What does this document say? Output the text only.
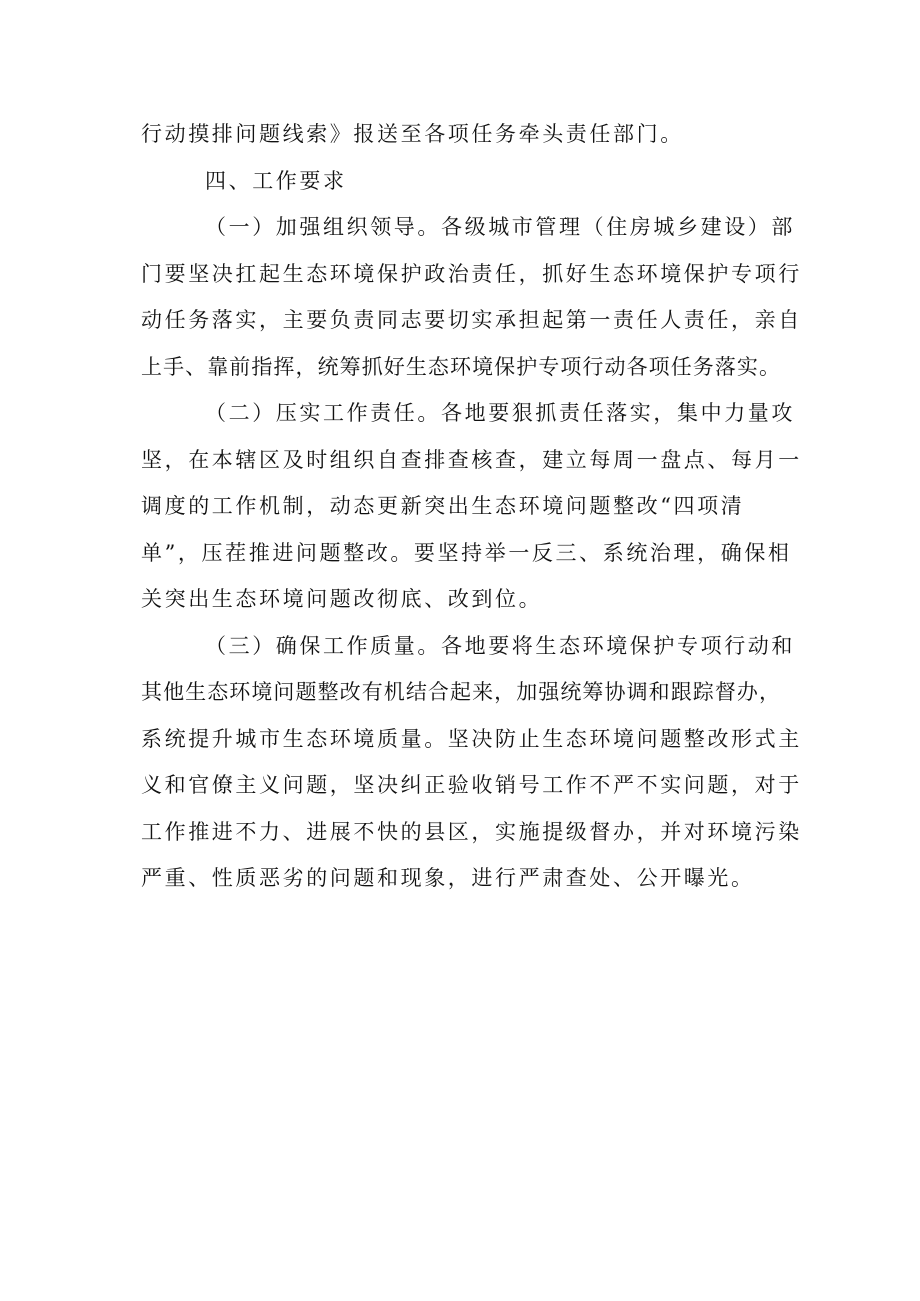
行动摸排问题线索》报送至各项任务牵头责任部门。
四、工作要求
（一）加强组织领导。各级城市管理（住房城乡建设）部
门要坚决扛起生态环境保护政治责任，抓好生态环境保护专项行
动任务落实，主要负责同志要切实承担起第一责任人责任，亲自
上手、靠前指挥，统筹抓好生态环境保护专项行动各项任务落实。
（二）压实工作责任。各地要狠抓责任落实，集中力量攻
坚，在本辖区及时组织自查排查核查，建立每周一盘点、每月一
调度的工作机制，动态更新突出生态环境问题整改“四项清
单”，压茬推进问题整改。要坚持举一反三、系统治理，确保相
关突出生态环境问题改彻底、改到位。
（三）确保工作质量。各地要将生态环境保护专项行动和
其他生态环境问题整改有机结合起来，加强统筹协调和跟踪督办，
系统提升城市生态环境质量。坚决防止生态环境问题整改形式主
义和官僚主义问题，坚决纠正验收销号工作不严不实问题，对于
工作推进不力、进展不快的县区，实施提级督办，并对环境污染
严重、性质恶劣的问题和现象，进行严肃查处、公开曝光。
